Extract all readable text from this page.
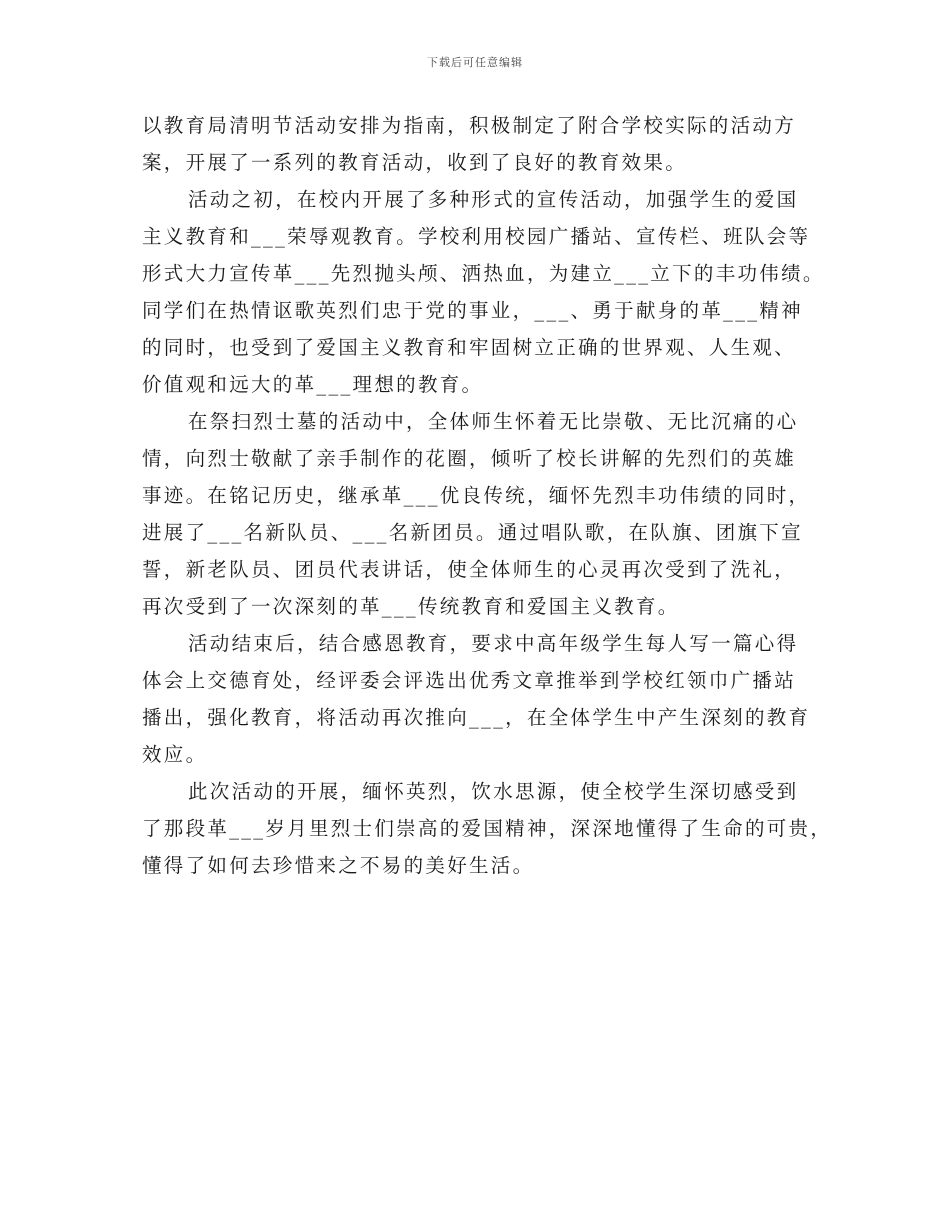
下载后可任意编辑
以教育局清明节活动安排为指南，积极制定了附合学校实际的活动方
案，开展了一系列的教育活动，收到了良好的教育效果。
活动之初，在校内开展了多种形式的宣传活动，加强学生的爱国
主义教育和___荣辱观教育。学校利用校园广播站、宣传栏、班队会等
形式大力宣传革___先烈抛头颅、洒热血，为建立___立下的丰功伟绩。
同学们在热情讴歌英烈们忠于党的事业，___、勇于献身的革___精神
的同时，也受到了爱国主义教育和牢固树立正确的世界观、人生观、
价值观和远大的革___理想的教育。
在祭扫烈士墓的活动中，全体师生怀着无比崇敬、无比沉痛的心
情，向烈士敬献了亲手制作的花圈，倾听了校长讲解的先烈们的英雄
事迹。在铭记历史，继承革___优良传统，缅怀先烈丰功伟绩的同时，
进展了___名新队员、___名新团员。通过唱队歌，在队旗、团旗下宣
誓，新老队员、团员代表讲话，使全体师生的心灵再次受到了洗礼，
再次受到了一次深刻的革___传统教育和爱国主义教育。
活动结束后，结合感恩教育，要求中高年级学生每人写一篇心得
体会上交德育处，经评委会评选出优秀文章推举到学校红领巾广播站
播出，强化教育，将活动再次推向___，在全体学生中产生深刻的教育
效应。
此次活动的开展，缅怀英烈，饮水思源，使全校学生深切感受到
了那段革___岁月里烈士们崇高的爱国精神，深深地懂得了生命的可贵，
懂得了如何去珍惜来之不易的美好生活。
